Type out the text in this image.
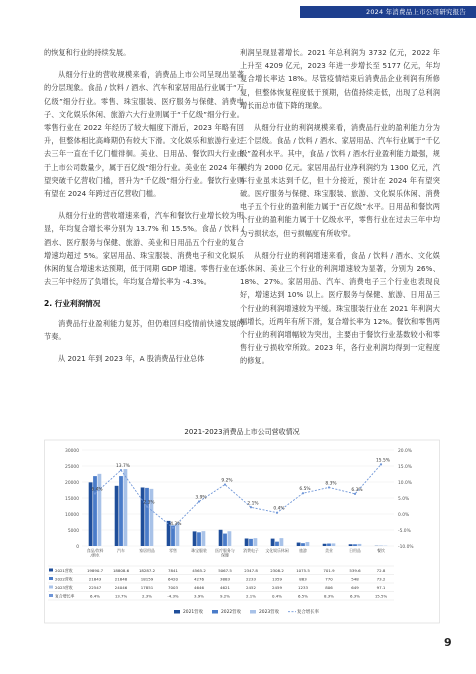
2024 年消费品上市公司研究报告

的恢复和行业的持续发展。

从细分行业的营收规模来看，消费品上市公司呈现出显著的分层现象。食品 / 饮料 / 酒水、汽车和家居用品行业属于“万亿级”细分行业。零售、珠宝服装、医疗服务与保健、消费电子、文化娱乐休闲、旅游六大行业则属于“千亿级”细分行业。零售行业在 2022 年经历了较大幅度下滑后，2023 年略有回升，但整体相比高峰期仍有较大下滑。文化娱乐和旅游行业过去三年一直在千亿门槛徘徊。美业、日用品、餐饮四大行业由于上市公司数量少，属于百亿级”细分行业。美业在 2024 年有望突破千亿营收门槛，晋升为“千亿级”细分行业。餐饮行业则有望在 2024 年跨过百亿营收门槛。

从细分行业的营收增速来看，汽车和餐饮行业增长较为明显，年均复合增长率分别为 13.7% 和 15.5%。食品 / 饮料 / 酒水、医疗服务与保健、旅游、美业和日用品五个行业的复合增速均超过 5%。家居用品、珠宝服装、消费电子和文化娱乐休闲的复合增速未达预期，低于同期 GDP 增速。零售行业在过去三年中经历了负增长，年均复合增长率为 -4.3%。

2. 行业利润情况

消费品行业盈利能力复苏，但仍难回归疫情前快速发展的节奏。

从 2021 年到 2023 年，A 股消费品行业总体

利润呈现显著增长。2021 年总利润为 3732 亿元，2022 年上升至 4209 亿元，2023 年进一步增长至 5177 亿元，年均复合增长率达 18%。尽管疫情结束后消费品企业利润有所修复，但整体恢复程度低于预期，估值持续走低，出现了总利润增长而总市值下降的现象。

从细分行业的利润规模来看，消费品行业的盈利能力分为三个层级。食品 / 饮料 / 酒水、家居用品、汽车行业属于“千亿级”盈利水平。其中，食品 / 饮料 / 酒水行业盈利能力最强，规模约为 2000 亿元。家居用品行业净利润约为 1300 亿元，汽车行业虽未达到千亿，但十分接近，预计在 2024 年有望突破。医疗服务与保健、珠宝服装、旅游、文化娱乐休闲、消费电子五个行业的盈利能力属于“百亿级”水平。日用品和餐饮两个行业的盈利能力属于十亿级水平，零售行业在过去三年中均为亏损状态，但亏损幅度有所收窄。

从细分行业的利润增速来看，食品 / 饮料 / 酒水、文化娱乐休闲、美业三个行业的利润增速较为显著，分别为 26%、18%、27%。家居用品、汽车、消费电子三个行业也表现良好，增速达到 10% 以上。医疗服务与保健、旅游、日用品三个行业的利润增速较为平缓。珠宝服装行业在 2021 年利润大幅增长，近两年有所下滑，复合增长率为 12%。餐饮和零售两个行业的利润增幅较为突出，主要由于餐饮行业基数较小和零售行业亏损收窄所致。2023 年，各行业利润均得到一定程度的修复。

2021-2023消费品上市公司营收情况
0
5000
10000
15000
20000
25000
30000
-10.0%
-5.0%
0.0%
5.0%
10.0%
15.0%
20.0%
食品/饮料/酒水
汽车	家居用品	零售	珠宝服装 医疗服务与保健
消费电子 文化娱乐休闲	旅游	美业	日用品	餐饮
6.4%
13.7%
2.3%
-4.3%
3.9%
9.2%
2.1%
0.4%
6.5%
8.3%
6.3%
15.5%
2021营收	19890.7	18808.6	18287.2	7841	4565.2	5067.5	2347.8	2308.2	1075.5	701.9	539.6	72.8
2022营收	21843	21848	18159	6420	4276	3883	2233	1359	883	770	548	73.2
2023营收	22547	24046	17851	7003	4646	4621	2452	2459	1233	806	649	97.1
复合增长率	6.4%	13.7%	2.3%	-4.3%	3.9%	9.2%	2.1%	0.4%	6.5%	8.3%	6.3%	15.5%
2021营收	2022营收	2023营收	复合增长率
9
